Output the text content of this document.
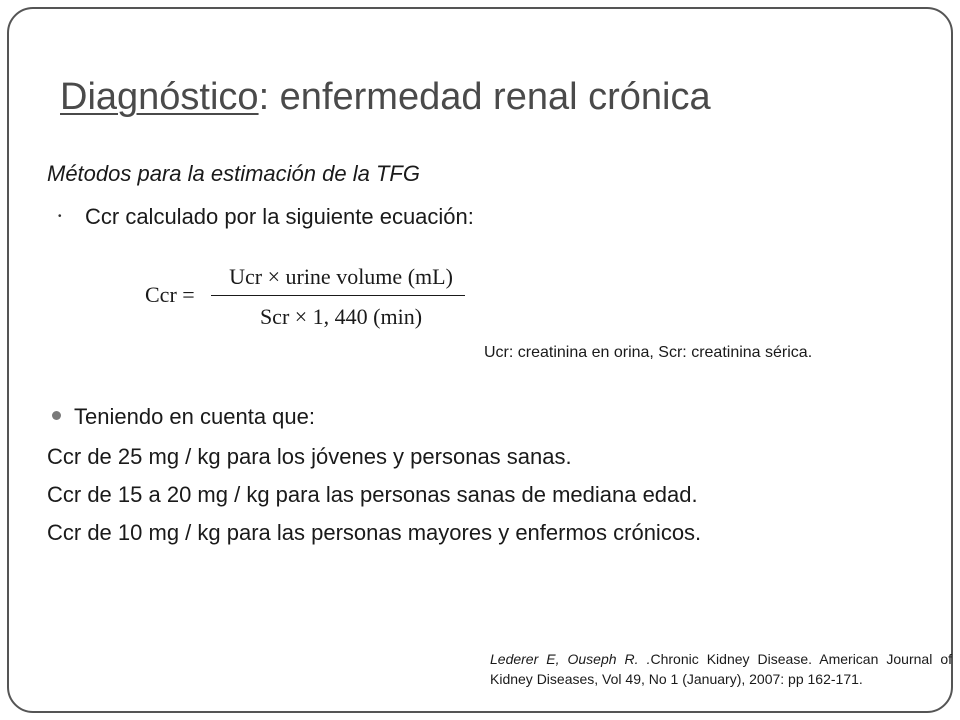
Diagnóstico: enfermedad renal crónica
Métodos para la estimación de la TFG
• Ccr calculado por la siguiente ecuación:
Ccr =
Ucr × urine volume (mL)
Scr × 1, 440 (min)
Ucr: creatinina en orina, Scr: creatinina sérica.
Teniendo en cuenta que:
Ccr de 25 mg / kg para los jóvenes y personas sanas.
Ccr de 15 a 20 mg / kg para las personas sanas de mediana edad.
Ccr de 10 mg / kg para las personas mayores y enfermos crónicos.
Lederer E, Ouseph R. .Chronic Kidney Disease. American Journal of Kidney Diseases, Vol 49, No 1 (January), 2007: pp 162-171.
